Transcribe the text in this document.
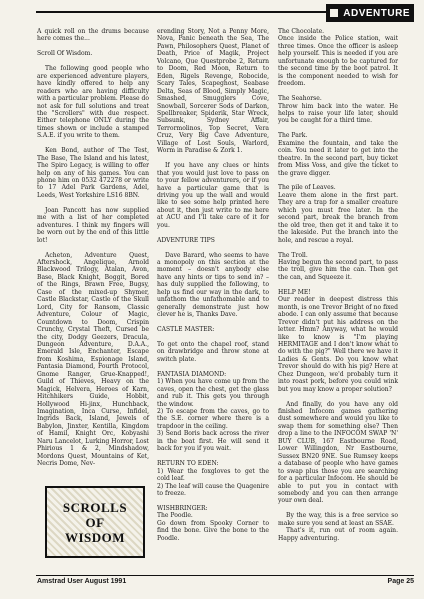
ADVENTURE

A quick roll on the drums because here comes the...

Scroll Of Wisdom.

The following good people who are experienced adventure players, have kindly offered to help any readers who are having difficulty with a particular problem. Please do not ask for full solutions and treat the "Scrollers" with due respect. Either telephone ONLY during the times shown or include a stamped S.A.E. if you write to them.

Ken Bond, author of The Test, The Base, The Island and his latest, The Spiro Legacy, is willing to offer help on any of his games. You can phone him on 0532 472278 or write to 17 Adel Park Gardens, Adel, Leeds, West Yorkshire LS16 8BN.

Joan Pancott has now supplied me with a list of her completed adventures. I think my fingers will be worn out by the end of this little lot!

Acheton, Adventure Quest, Aftershock, Angelique, Arnold Blackwood Trilogy, Atalan, Avon, Base, Black Knight, Boggit, Bored of the Rings, Brawn Free, Bugsy, Case of the mixed-up Shymer, Castle Blackstar, Castle of the Skull Lord, City for Ransom, Classic Adventure, Colour of Magic, Countdown to Doom, Crispin Crunchy, Crystal Theft, Cursed be the city, Dodgy Geezers, Dracula, Dungeon Adventure, D.A.A., Emerald Isle, Enchanter, Escape from Koshima, Espionage Island, Fantasia Diamond, Fourth Protocol, Gnome Ranger, Grue-Knapped!, Guild of Thieves, Heavy on the Magick, Helvera, Heroes of Karn, Hitchhikers Guide, Hobbit, Hollywood Hi-jinx, Hunchback, Imagination, Inca Curse, Infidel, Ingrids Back, Island, Jewels of Babylon, Jinxter, Kentilla, Kingdom of Hamil, Knight Orc, Kobyashi Naru Lancelot, Lurking Horror, Lost Phirious 1 & 2, Mindshadow, Mordons Quest, Mountains of Ket, Necris Dome, Nev-

erending Story, Not a Penny More, Nova, Panic beneath the Sea, The Pawn, Philosophers Quest, Planet of Death, Price of Magik, Project Volcano, Que Questprobe 2, Return to Doom, Red Moon, Return to Eden, Rigels Revenge, Robocide, Scary Tales, Scapeghost, Seabase Delta, Seas of Blood, Simply Magic, Smashed, Smugglers Cove, Snowball, Sorcerer Sods of Darkon, Spellbreaker, Spiderik, Star Wreck, Subsunk, Sydney Affair, Terrormolinos, Top Secret, Vera Cruz, Very Big Cave Adventure, Village of Lost Souls, Warlord, Worm in Paradise & Zork 1.

If you have any clues or hints that you would just love to pass on to your fellow adventurers, or if you have a particular game that is driving you up the wall and would like to see some help printed here about it, then just write to me here at ACU and I'll take care of it for you.

ADVENTURE TIPS

Dave Barard, who seems to have a monopoly on this section at the moment – doesn't anybody else have any hints or tips to send in? – has duly supplied the following, to help us find our way in the dark, to unfathom the unfathomable and to generally demonstrate just how clever he is, Thanks Dave.

CASTLE MASTER:

To get onto the chapel roof, stand on drawbridge and throw stone at switch plate.

FANTASIA DIAMOND:

1) When you have come up from the caves, open the chest, get the glass and rub it. This gets you through the window.

2) To escape from the caves, go to the S.E. corner where there is a trapdoor in the ceiling.

3) Send Boris back across the river in the boat first. He will send it back for you if you wait.

RETURN TO EDEN:

1) Wear the foxgloves to get the cold leaf.

2) The leaf will cause the Quagenire to freeze.

WISHBRINGER:

The Poodle.

Go down from Spooky Corner to find the bone. Give the bone to the Poodle.

The Chocolate.

Once inside the Police station, wait three times. Once the officer is asleep help yourself. This is needed if you are unfortunate enough to be captured for the second time by the boot patrol. It is the component needed to wish for freedom.

The Seahorse.

Throw him back into the water. He helps to raise your life later, should you be caught for a third time.

The Park.

Examine the fountain, and take the coin. You need it later to get into the theatre. In the second part, buy ticket from Miss Voss, and give the ticket to the grave digger.

The pile of Leaves.

Leave them alone in the first part. They are a trap for a smaller creature which you must free later. In the second part, break the branch from the old tree, then get it and take it to the lakeside. Put the branch into the hole, and rescue a royal.

The Troll.

Having begun the second part, to pass the troll, give him the can. Then get the can, and Squeeze it.

HELP ME!

Our reader in deepest distress this month, is one Trevor Bright of no fixed abode. I can only assume that because Trevor didn't put his address on the letter. Hmm? Anyway, what he would like to know is "I'm playing HERMITAGE and I don't know what to do with the pig?" Well there we have it Ladies & Gents. Do you know what Trevor should do with his pig? Here at Chez Dungeon, we'd probably turn it into roast pork, before you could wink but you may know a proper solution?

And finally, do you have any old finished Infocom games gathering dust somewhere and would you like to swap them for something else? Then drop a line to the INFOCOM SWAP 'N' BUY CLUB, 167 Eastbourne Road, Lower Willingdon, Nr Eastbourne, Sussex BN20 9NE. Sue Rumsey keeps a database of people who have games to swap plus those you are searching for a particular Infocom. He should be able to put you in contact with somebody and you can then arrange your own deal.

By the way, this is a free service so make sure you send at least an SSAE.

That's it, run out of room again. Happy adventuring.

SCROLLS
OF
WISDOM
Amstrad User August 1991	Page 25
